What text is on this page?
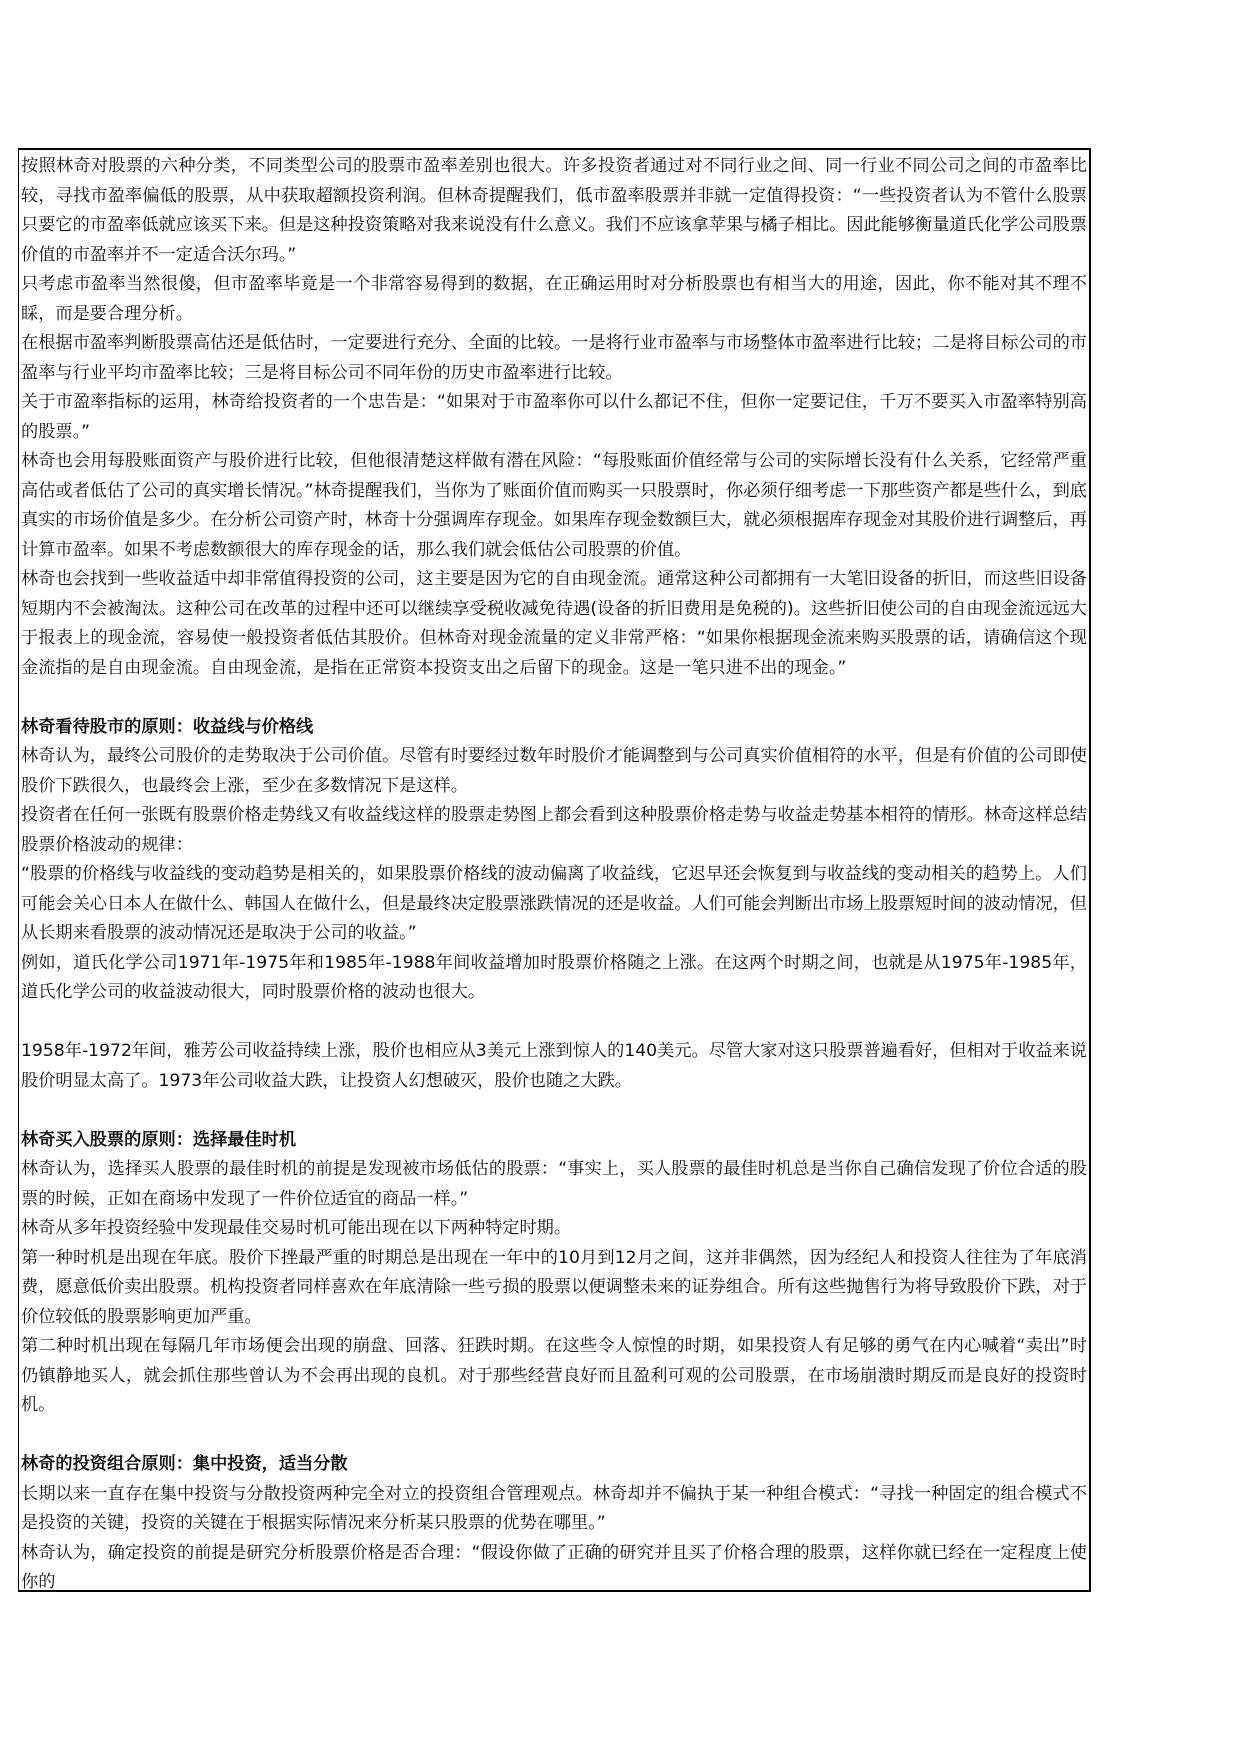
按照林奇对股票的六种分类，不同类型公司的股票市盈率差别也很大。许多投资者通过对不同行业之间、同一行业不同公司之间的市盈率比较，寻找市盈率偏低的股票，从中获取超额投资利润。但林奇提醒我们，低市盈率股票并非就一定值得投资：“一些投资者认为不管什么股票只要它的市盈率低就应该买下来。但是这种投资策略对我来说没有什么意义。我们不应该拿苹果与橘子相比。因此能够衡量道氏化学公司股票价值的市盈率并不一定适合沃尔玛。”

只考虑市盈率当然很傻，但市盈率毕竟是一个非常容易得到的数据，在正确运用时对分析股票也有相当大的用途，因此，你不能对其不理不睬，而是要合理分析。

在根据市盈率判断股票高估还是低估时，一定要进行充分、全面的比较。一是将行业市盈率与市场整体市盈率进行比较；二是将目标公司的市盈率与行业平均市盈率比较；三是将目标公司不同年份的历史市盈率进行比较。

关于市盈率指标的运用，林奇给投资者的一个忠告是：“如果对于市盈率你可以什么都记不住，但你一定要记住，千万不要买入市盈率特别高的股票。”

林奇也会用每股账面资产与股价进行比较，但他很清楚这样做有潜在风险：“每股账面价值经常与公司的实际增长没有什么关系，它经常严重高估或者低估了公司的真实增长情况。”林奇提醒我们，当你为了账面价值而购买一只股票时，你必须仔细考虑一下那些资产都是些什么，到底真实的市场价值是多少。在分析公司资产时，林奇十分强调库存现金。如果库存现金数额巨大，就必须根据库存现金对其股价进行调整后，再计算市盈率。如果不考虑数额很大的库存现金的话，那么我们就会低估公司股票的价值。

林奇也会找到一些收益适中却非常值得投资的公司，这主要是因为它的自由现金流。通常这种公司都拥有一大笔旧设备的折旧，而这些旧设备短期内不会被淘汰。这种公司在改革的过程中还可以继续享受税收减免待遇(设备的折旧费用是免税的)。这些折旧使公司的自由现金流远远大于报表上的现金流，容易使一般投资者低估其股价。但林奇对现金流量的定义非常严格：“如果你根据现金流来购买股票的话，请确信这个现金流指的是自由现金流。自由现金流，是指在正常资本投资支出之后留下的现金。这是一笔只进不出的现金。”

林奇看待股市的原则：收益线与价格线

林奇认为，最终公司股价的走势取决于公司价值。尽管有时要经过数年时股价才能调整到与公司真实价值相符的水平，但是有价值的公司即使股价下跌很久，也最终会上涨，至少在多数情况下是这样。

投资者在任何一张既有股票价格走势线又有收益线这样的股票走势图上都会看到这种股票价格走势与收益走势基本相符的情形。林奇这样总结股票价格波动的规律：

“股票的价格线与收益线的变动趋势是相关的，如果股票价格线的波动偏离了收益线，它迟早还会恢复到与收益线的变动相关的趋势上。人们可能会关心日本人在做什么、韩国人在做什么，但是最终决定股票涨跌情况的还是收益。人们可能会判断出市场上股票短时间的波动情况，但从长期来看股票的波动情况还是取决于公司的收益。”

例如，道氏化学公司1971年-1975年和1985年-1988年间收益增加时股票价格随之上涨。在这两个时期之间，也就是从1975年-1985年，道氏化学公司的收益波动很大，同时股票价格的波动也很大。

1958年-1972年间，雅芳公司收益持续上涨，股价也相应从3美元上涨到惊人的140美元。尽管大家对这只股票普遍看好，但相对于收益来说股价明显太高了。1973年公司收益大跌，让投资人幻想破灭，股价也随之大跌。

林奇买入股票的原则：选择最佳时机

林奇认为，选择买人股票的最佳时机的前提是发现被市场低估的股票：“事实上，买人股票的最佳时机总是当你自己确信发现了价位合适的股票的时候，正如在商场中发现了一件价位适宜的商品一样。”

林奇从多年投资经验中发现最佳交易时机可能出现在以下两种特定时期。

第一种时机是出现在年底。股价下挫最严重的时期总是出现在一年中的10月到12月之间，这并非偶然，因为经纪人和投资人往往为了年底消费，愿意低价卖出股票。机构投资者同样喜欢在年底清除一些亏损的股票以便调整未来的证券组合。所有这些抛售行为将导致股价下跌，对于价位较低的股票影响更加严重。

第二种时机出现在每隔几年市场便会出现的崩盘、回落、狂跌时期。在这些令人惊惶的时期，如果投资人有足够的勇气在内心喊着“卖出”时仍镇静地买人，就会抓住那些曾认为不会再出现的良机。对于那些经营良好而且盈利可观的公司股票，在市场崩溃时期反而是良好的投资时机。

林奇的投资组合原则：集中投资，适当分散

长期以来一直存在集中投资与分散投资两种完全对立的投资组合管理观点。林奇却并不偏执于某一种组合模式：“寻找一种固定的组合模式不是投资的关键，投资的关键在于根据实际情况来分析某只股票的优势在哪里。”

林奇认为，确定投资的前提是研究分析股票价格是否合理：“假设你做了正确的研究并且买了价格合理的股票，这样你就已经在一定程度上使你的
